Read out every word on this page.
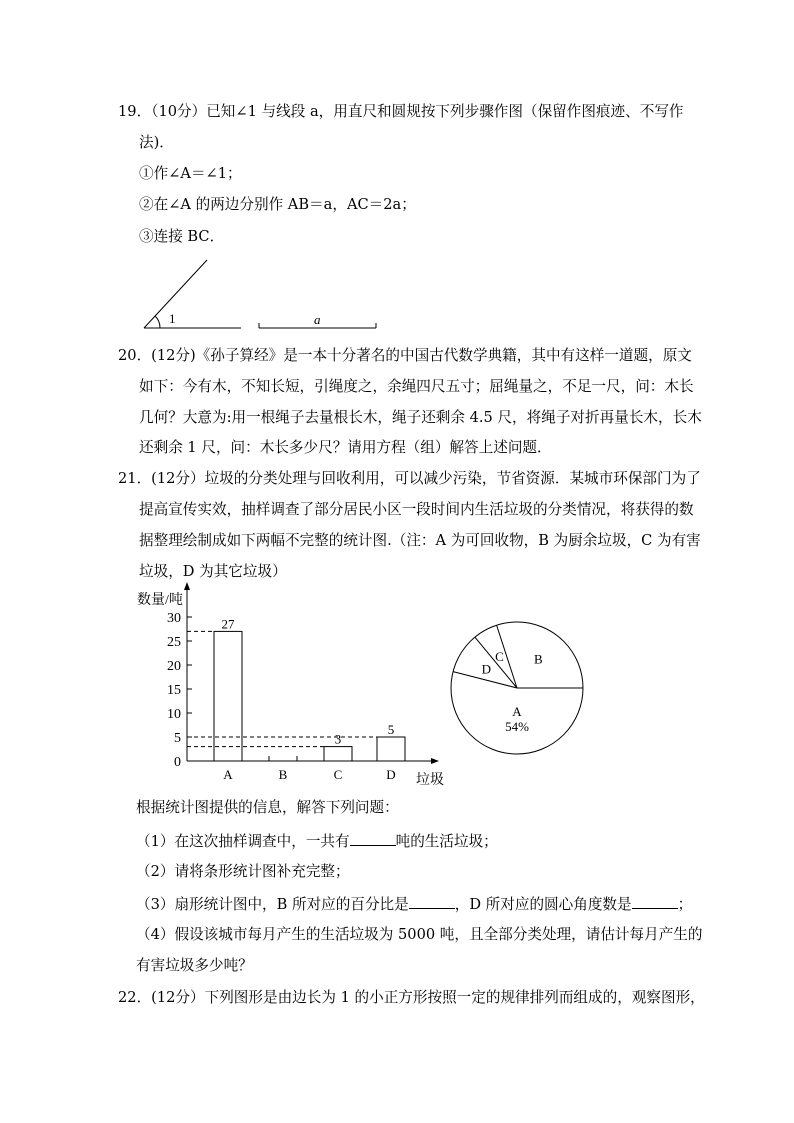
19．（10分）已知∠1 与线段 a，用直尺和圆规按下列步骤作图（保留作图痕迹、不写作
法)．
①作∠A＝∠1；
②在∠A 的两边分别作 AB＝a，AC＝2a；
③连接 BC．
1	a
0
5
10
15
20
25
30
A
27
B	C
3
D
5
数量/吨
垃圾
B
C
D
A
54%
20．(12分)《孙子算经》是一本十分著名的中国古代数学典籍，其中有这样一道题，原文
如下：今有木，不知长短，引绳度之，余绳四尺五寸；屈绳量之，不足一尺，问：木长
几何？大意为:用一根绳子去量根长木，绳子还剩余 4.5 尺，将绳子对折再量长木，长木
还剩余 1 尺，问：木长多少尺？请用方程（组）解答上述问题．
21．(12分）垃圾的分类处理与回收利用，可以减少污染，节省资源．某城市环保部门为了
提高宣传实效，抽样调查了部分居民小区一段时间内生活垃圾的分类情况，将获得的数
据整理绘制成如下两幅不完整的统计图.（注：A 为可回收物，B 为厨余垃圾，C 为有害
垃圾，D 为其它垃圾）
根据统计图提供的信息，解答下列问题：
（1）在这次抽样调查中，一共有	吨的生活垃圾；
（2）请将条形统计图补充完整；
（3）扇形统计图中，B 所对应的百分比是	，D 所对应的圆心角度数是	；
（4）假设该城市每月产生的生活垃圾为 5000 吨，且全部分类处理，请估计每月产生的
有害垃圾多少吨？
22．(12分）下列图形是由边长为 1 的小正方形按照一定的规律排列而组成的，观察图形，
